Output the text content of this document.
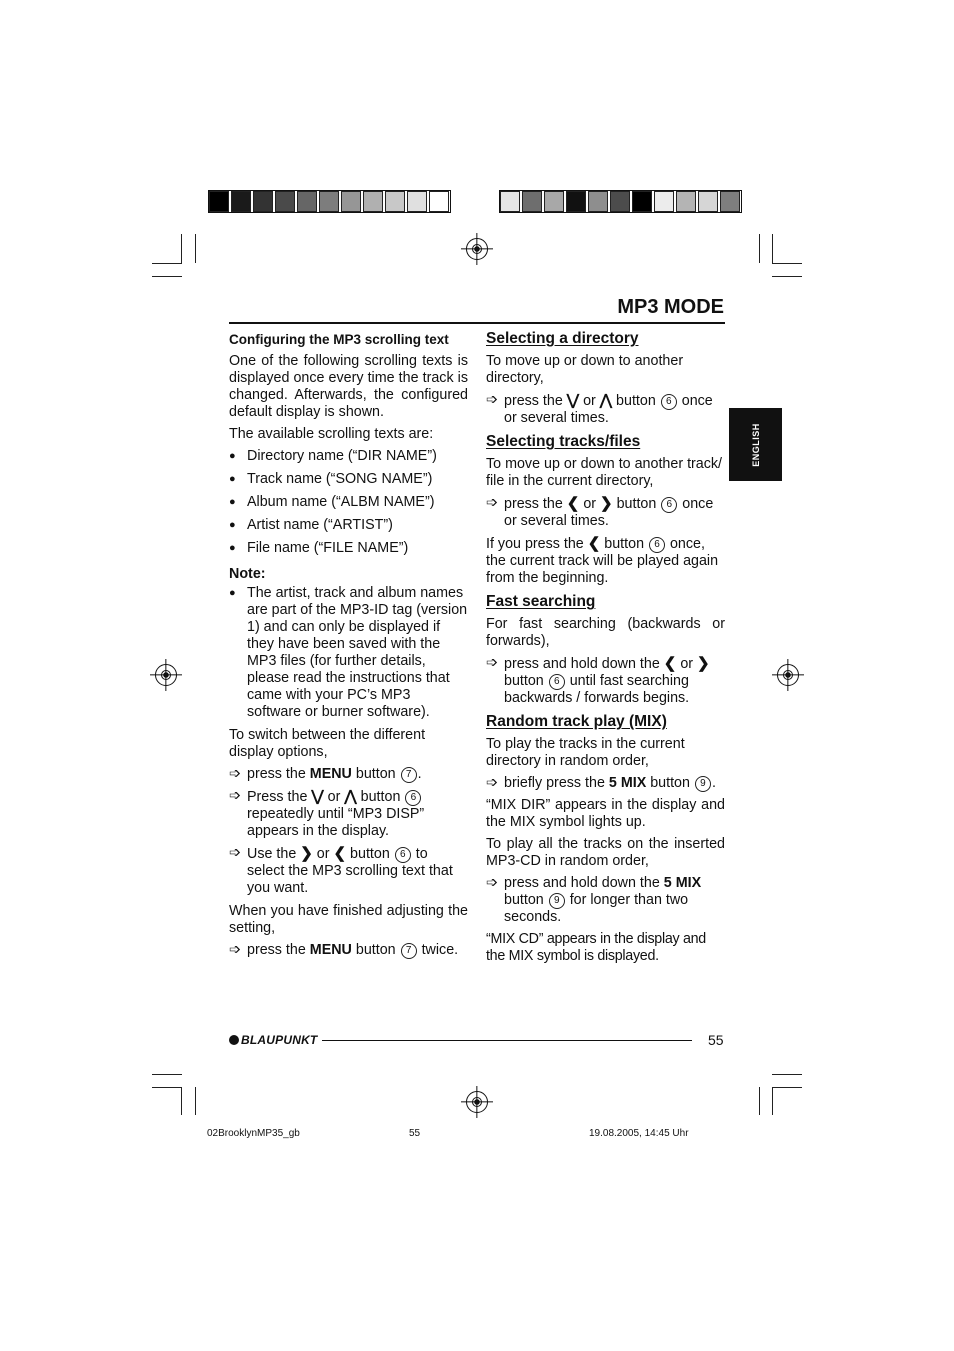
MP3 MODE
ENGLISH

Configuring the MP3 scrolling text

One of the following scrolling texts is displayed once every time the track is changed. Afterwards, the configured default display is shown.

The available scrolling texts are:

●
Directory name (“DIR NAME”)
●
Track name (“SONG NAME”)
●
Album name (“ALBM NAME”)
●
Artist name (“ARTIST”)
●
File name (“FILE NAME”)

Note:

●
The artist, track and album names are part of the MP3-ID tag (version 1) and can only be displayed if they have been saved with the MP3 files (for further details, please read the instructions that came with your PC’s MP3 software or burner software).

To switch between the different display options,

➩ press the MENU button 7 .
➩ Press the ⋁ or ⋀ button 6 repeatedly until “MP3 DISP” appears in the display.
➩ Use the ❯ or ❮ button 6 to select the MP3 scrolling text that you want.

When you have finished adjusting the setting,

➩ press the MENU button 7 twice.

Selecting a directory

To move up or down to another directory,

➩ press the ⋁ or ⋀ button 6 once or several times.

Selecting tracks/files

To move up or down to another track/ file in the current directory,

➩ press the ❮ or ❯ button 6 once or several times.

If you press the ❮ button 6 once, the current track will be played again from the beginning.

Fast searching

For fast searching (backwards or forwards),

➩ press and hold down the ❮ or ❯ button 6 until fast searching backwards / forwards begins.

Random track play (MIX)

To play the tracks in the current directory in random order,

➩ briefly press the 5 MIX button 9 .

“MIX DIR” appears in the display and the MIX symbol lights up.

To play all the tracks on the inserted MP3-CD in random order,

➩ press and hold down the 5 MIX button 9 for longer than two seconds.

“MIX CD” appears in the display and the MIX symbol is displayed.

BLAUPUNKT	55
02BrooklynMP35_gb	55	19.08.2005, 14:45 Uhr
